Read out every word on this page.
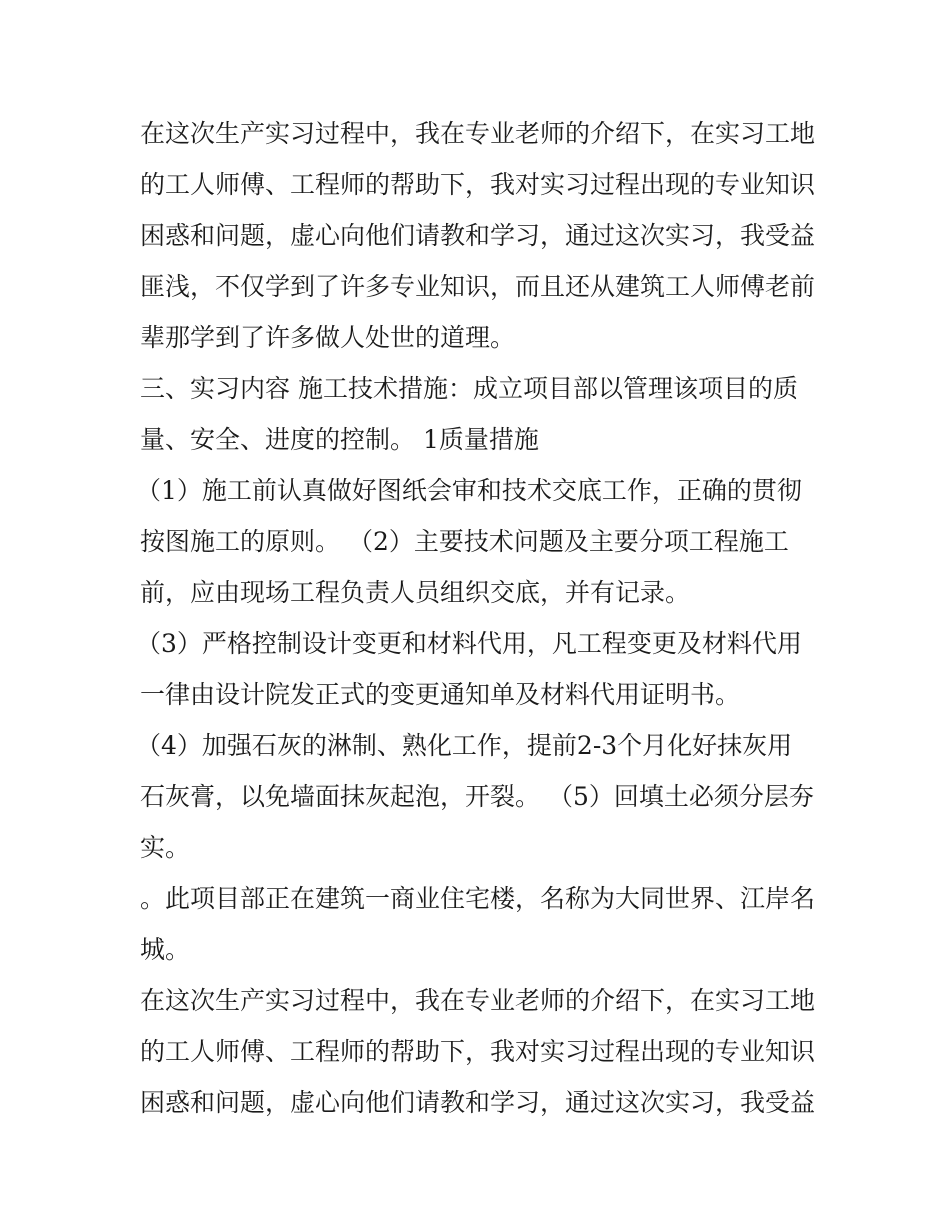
在这次生产实习过程中，我在专业老师的介绍下，在实习工地
的工人师傅、工程师的帮助下，我对实习过程出现的专业知识
困惑和问题，虚心向他们请教和学习，通过这次实习，我受益
匪浅，不仅学到了许多专业知识，而且还从建筑工人师傅老前
辈那学到了许多做人处世的道理。
三、实习内容 施工技术措施：成立项目部以管理该项目的质
量、安全、进度的控制。 1质量措施
（1）施工前认真做好图纸会审和技术交底工作，正确的贯彻
按图施工的原则。 （2）主要技术问题及主要分项工程施工
前，应由现场工程负责人员组织交底，并有记录。
（3）严格控制设计变更和材料代用，凡工程变更及材料代用
一律由设计院发正式的变更通知单及材料代用证明书。
（4）加强石灰的淋制、熟化工作，提前2-3个月化好抹灰用
石灰膏，以免墙面抹灰起泡，开裂。 （5）回填土必须分层夯
实。
。此项目部正在建筑一商业住宅楼，名称为大同世界、江岸名
城。
在这次生产实习过程中，我在专业老师的介绍下，在实习工地
的工人师傅、工程师的帮助下，我对实习过程出现的专业知识
困惑和问题，虚心向他们请教和学习，通过这次实习，我受益
